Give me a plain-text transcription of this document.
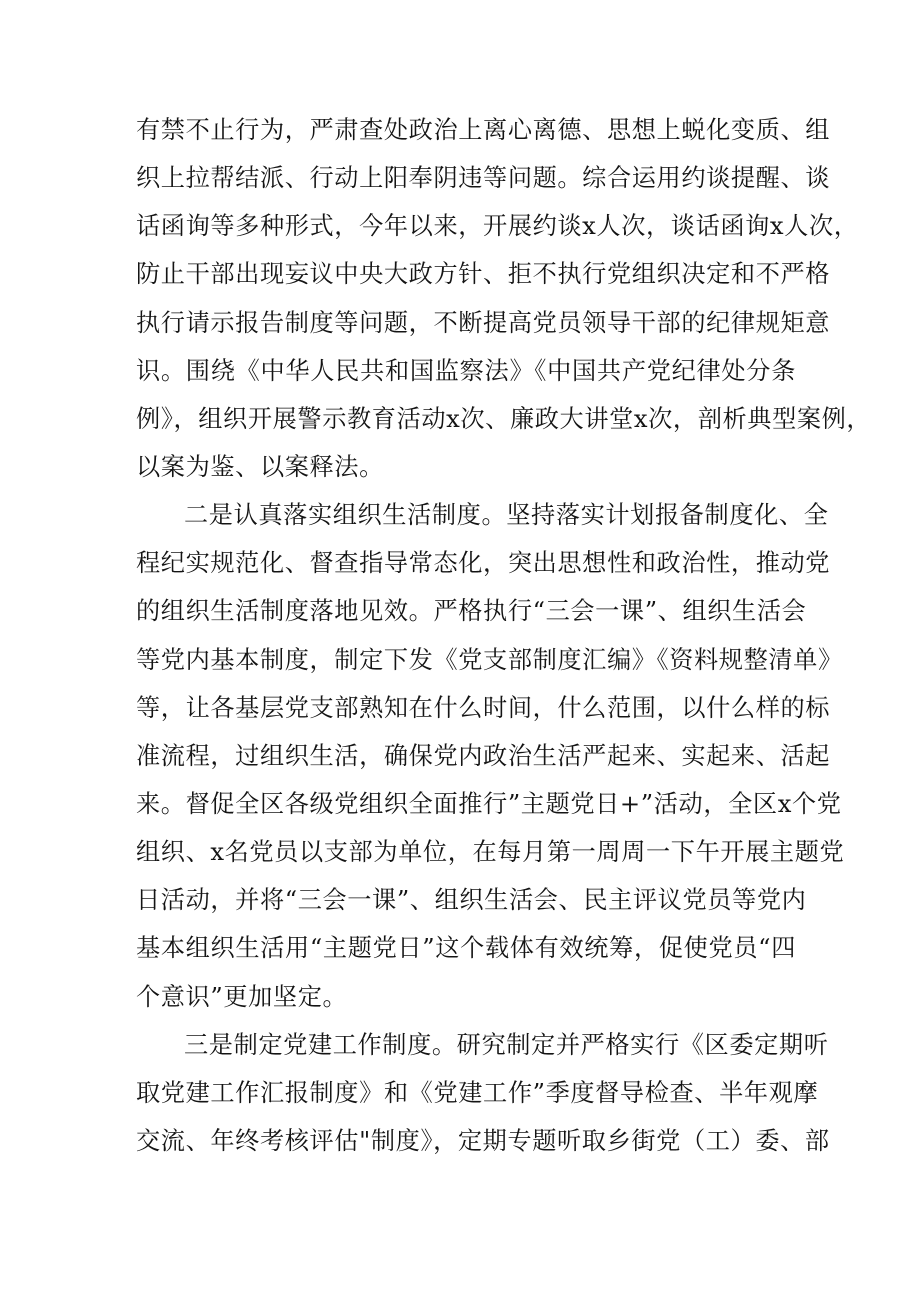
有禁不止行为，严肃查处政治上离心离德、思想上蜕化变质、组
织上拉帮结派、行动上阳奉阴违等问题。综合运用约谈提醒、谈
话函询等多种形式，今年以来，开展约谈x人次，谈话函询x人次，
防止干部出现妄议中央大政方针、拒不执行党组织决定和不严格
执行请示报告制度等问题，不断提高党员领导干部的纪律规矩意
识。围绕《中华人民共和国监察法》《中国共产党纪律处分条
例》，组织开展警示教育活动x次、廉政大讲堂x次，剖析典型案例，
以案为鉴、以案释法。
二是认真落实组织生活制度。坚持落实计划报备制度化、全
程纪实规范化、督查指导常态化，突出思想性和政治性，推动党
的组织生活制度落地见效。严格执行“三会一课”、组织生活会
等党内基本制度，制定下发《党支部制度汇编》《资料规整清单》
等，让各基层党支部熟知在什么时间，什么范围，以什么样的标
准流程，过组织生活，确保党内政治生活严起来、实起来、活起
来。督促全区各级党组织全面推行”主题党日+”活动，全区x个党
组织、x名党员以支部为单位，在每月第一周周一下午开展主题党
日活动，并将“三会一课”、组织生活会、民主评议党员等党内
基本组织生活用“主题党日”这个载体有效统筹，促使党员“四
个意识”更加坚定。
三是制定党建工作制度。研究制定并严格实行《区委定期听
取党建工作汇报制度》和《党建工作”季度督导检查、半年观摩
交流、年终考核评估"制度》，定期专题听取乡街党（工）委、部
